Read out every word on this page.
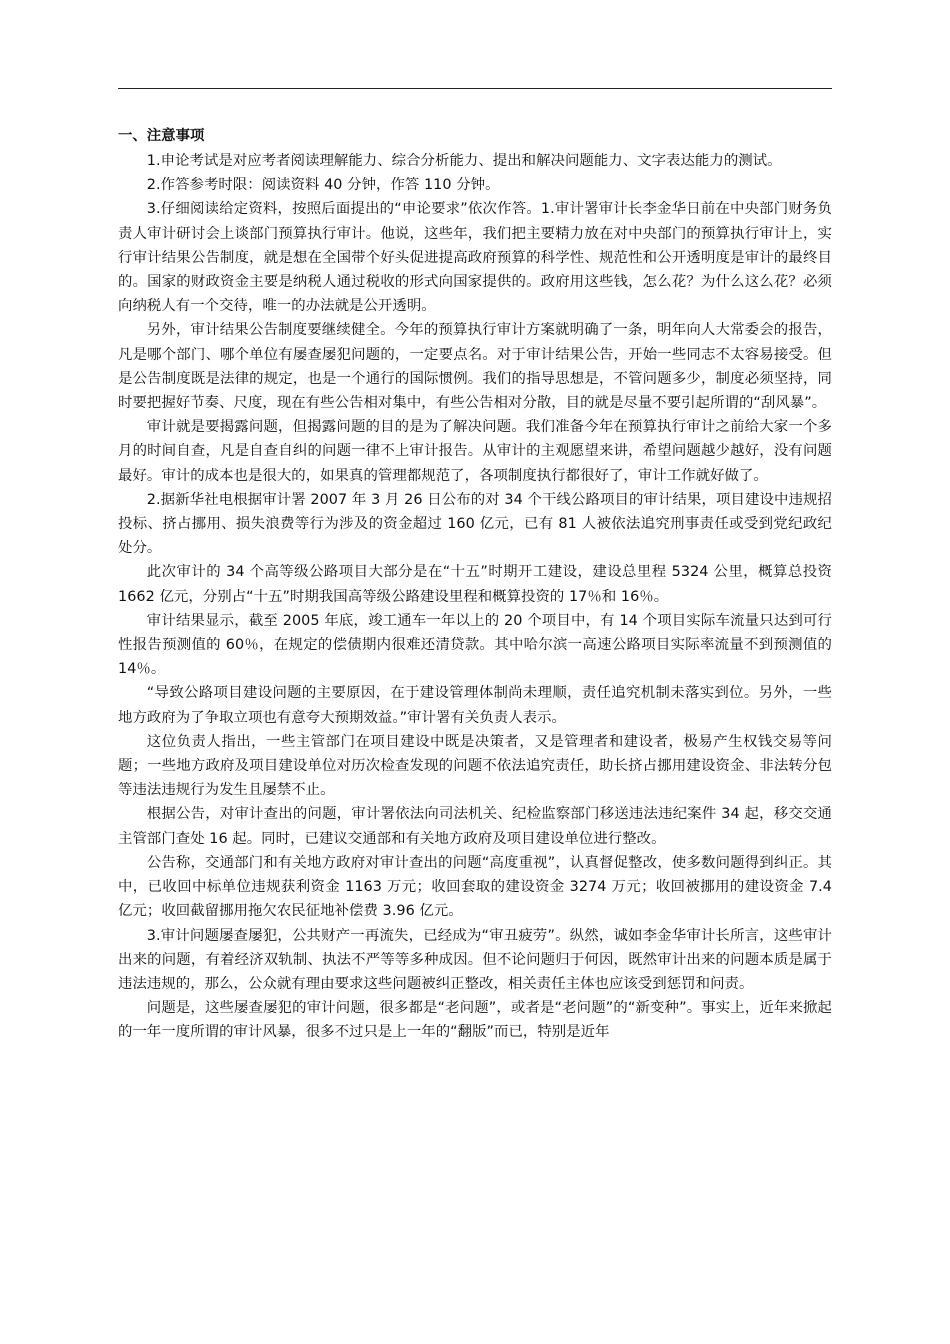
一、注意事项

1.申论考试是对应考者阅读理解能力、综合分析能力、提出和解决问题能力、文字表达能力的测试。

2.作答参考时限：阅读资料 40 分钟，作答 110 分钟。

3.仔细阅读给定资料，按照后面提出的“申论要求”依次作答。1.审计署审计长李金华日前在中央部门财务负责人审计研讨会上谈部门预算执行审计。他说，这些年，我们把主要精力放在对中央部门的预算执行审计上，实行审计结果公告制度，就是想在全国带个好头促进提高政府预算的科学性、规范性和公开透明度是审计的最终目的。国家的财政资金主要是纳税人通过税收的形式向国家提供的。政府用这些钱，怎么花？为什么这么花？必须向纳税人有一个交待，唯一的办法就是公开透明。

另外，审计结果公告制度要继续健全。今年的预算执行审计方案就明确了一条，明年向人大常委会的报告，凡是哪个部门、哪个单位有屡查屡犯问题的，一定要点名。对于审计结果公告，开始一些同志不太容易接受。但是公告制度既是法律的规定，也是一个通行的国际惯例。我们的指导思想是，不管问题多少，制度必须坚持，同时要把握好节奏、尺度，现在有些公告相对集中，有些公告相对分散，目的就是尽量不要引起所谓的“刮风暴”。

审计就是要揭露问题，但揭露问题的目的是为了解决问题。我们准备今年在预算执行审计之前给大家一个多月的时间自查，凡是自查自纠的问题一律不上审计报告。从审计的主观愿望来讲，希望问题越少越好，没有问题最好。审计的成本也是很大的，如果真的管理都规范了，各项制度执行都很好了，审计工作就好做了。

2.据新华社电根据审计署 2007 年 3 月 26 日公布的对 34 个干线公路项目的审计结果，项目建设中违规招投标、挤占挪用、损失浪费等行为涉及的资金超过 160 亿元，已有 81 人被依法追究刑事责任或受到党纪政纪处分。

此次审计的 34 个高等级公路项目大部分是在“十五”时期开工建设，建设总里程 5324 公里，概算总投资 1662 亿元，分别占“十五”时期我国高等级公路建设里程和概算投资的 17％和 16％。

审计结果显示，截至 2005 年底，竣工通车一年以上的 20 个项目中，有 14 个项目实际车流量只达到可行性报告预测值的 60％，在规定的偿债期内很难还清贷款。其中哈尔滨一高速公路项目实际率流量不到预测值的 14％。

“导致公路项目建设问题的主要原因，在于建设管理体制尚未理顺，责任追究机制未落实到位。另外，一些地方政府为了争取立项也有意夸大预期效益。”审计署有关负责人表示。

这位负责人指出，一些主管部门在项目建设中既是决策者，又是管理者和建设者，极易产生权钱交易等问题；一些地方政府及项目建设单位对历次检查发现的问题不依法追究责任，助长挤占挪用建设资金、非法转分包等违法违规行为发生且屡禁不止。

根据公告，对审计查出的问题，审计署依法向司法机关、纪检监察部门移送违法违纪案件 34 起，移交交通主管部门查处 16 起。同时，已建议交通部和有关地方政府及项目建设单位进行整改。

公告称，交通部门和有关地方政府对审计查出的问题“高度重视”，认真督促整改，使多数问题得到纠正。其中，已收回中标单位违规获利资金 1163 万元；收回套取的建设资金 3274 万元；收回被挪用的建设资金 7.4 亿元；收回截留挪用拖欠农民征地补偿费 3.96 亿元。

3.审计问题屡查屡犯，公共财产一再流失，已经成为“审丑疲劳”。纵然，诚如李金华审计长所言，这些审计出来的问题，有着经济双轨制、执法不严等等多种成因。但不论问题归于何因，既然审计出来的问题本质是属于违法违规的，那么，公众就有理由要求这些问题被纠正整改，相关责任主体也应该受到惩罚和问责。

问题是，这些屡查屡犯的审计问题，很多都是“老问题”，或者是“老问题”的“新变种”。事实上，近年来掀起的一年一度所谓的审计风暴，很多不过只是上一年的“翻版”而已，特别是近年
